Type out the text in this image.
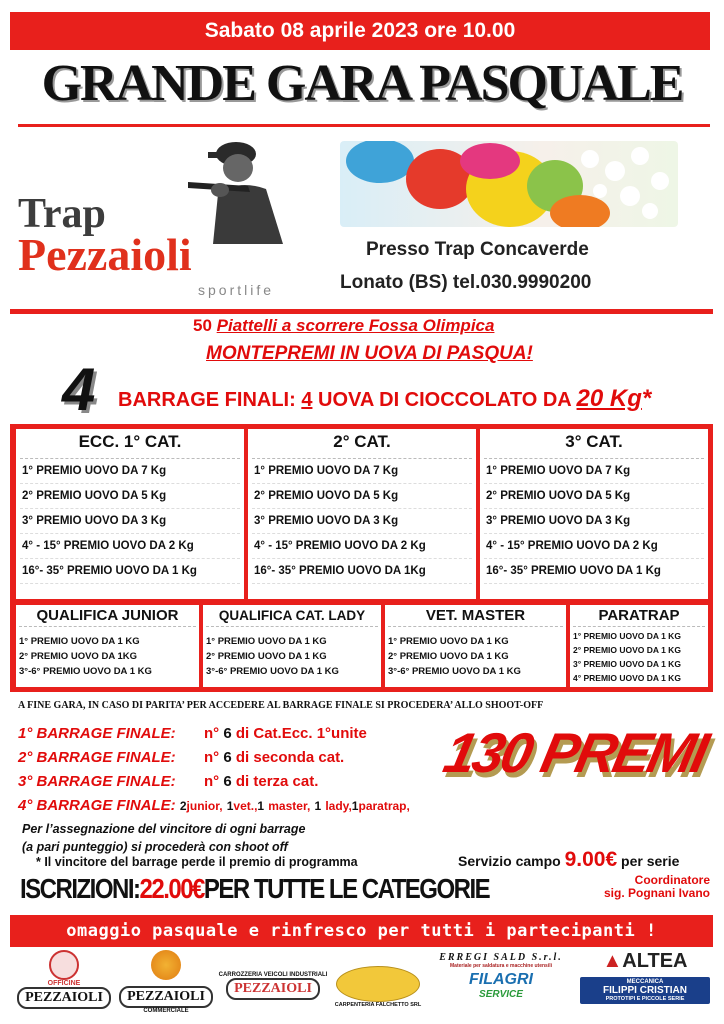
Sabato 08 aprile 2023 ore 10.00
GRANDE GARA PASQUALE
Trap
Pezzaioli
sportlife
Presso Trap Concaverde
Lonato (BS) tel.030.9990200
50 Piattelli a scorrere Fossa Olimpica
MONTEPREMI IN UOVA DI PASQUA!
4 BARRAGE FINALI: 4 UOVA DI CIOCCOLATO DA 20 Kg*
ECC. 1° CAT.
1° PREMIO UOVO DA 7 Kg
2° PREMIO UOVO DA 5 Kg
3° PREMIO UOVO DA 3 Kg
4° - 15° PREMIO UOVO DA 2 Kg
16°- 35° PREMIO UOVO DA 1 Kg
2° CAT.
1° PREMIO UOVO DA 7 Kg
2° PREMIO UOVO DA 5 Kg
3° PREMIO UOVO DA 3 Kg
4° - 15° PREMIO UOVO DA 2 Kg
16°- 35° PREMIO UOVO DA 1Kg
3° CAT.
1° PREMIO UOVO DA 7 Kg
2° PREMIO UOVO DA 5 Kg
3° PREMIO UOVO DA 3 Kg
4° - 15° PREMIO UOVO DA 2 Kg
16°- 35° PREMIO UOVO DA 1 Kg
QUALIFICA JUNIOR
1° PREMIO UOVO DA 1 KG
2° PREMIO UOVO DA 1KG
3°-6° PREMIO UOVO DA 1 KG
QUALIFICA CAT. LADY
1° PREMIO UOVO DA 1 KG
2° PREMIO UOVO DA 1 KG
3°-6° PREMIO UOVO DA 1 KG
VET. MASTER
1° PREMIO UOVO DA 1 KG
2° PREMIO UOVO DA 1 KG
3°-6° PREMIO UOVO DA 1 KG
PARATRAP
1° PREMIO UOVO DA 1 KG
2° PREMIO UOVO DA 1 KG
3° PREMIO UOVO DA 1 KG
4° PREMIO UOVO DA 1 KG
A FINE GARA, IN CASO DI PARITA’ PER ACCEDERE AL BARRAGE FINALE SI PROCEDERA’ ALLO SHOOT-OFF
1° BARRAGE FINALE: n° 6 di Cat.Ecc. 1°unite
2° BARRAGE FINALE: n° 6 di seconda cat.
3° BARRAGE FINALE: n° 6 di terza cat.
4° BARRAGE FINALE: 2junior, 1vet.,1 master, 1 lady,1paratrap,
Per l’assegnazione del vincitore di ogni barrage
(a pari punteggio) si procederà con shoot off
* Il vincitore del barrage perde il premio di programma
130 PREMI
Servizio campo 9.00€ per serie
Coordinatore
sig. Pognani Ivano
ISCRIZIONI:22.00€PER TUTTE LE CATEGORIE
omaggio pasquale e rinfresco per tutti i partecipanti !
OFFICINE
PEZZAIOLI	PEZZAIOLI
COMMERCIALE
CARROZZERIA VEICOLI INDUSTRIALI
PEZZAIOLI
CARPENTERIA FALCHETTO SRL
ERREGI SALD S.r.l.
Materiale per saldatura e macchine utensili
FILAGRI
SERVICE
▲ALTEA
MECCANICA
FILIPPI CRISTIAN
PROTOTIPI E PICCOLE SERIE
